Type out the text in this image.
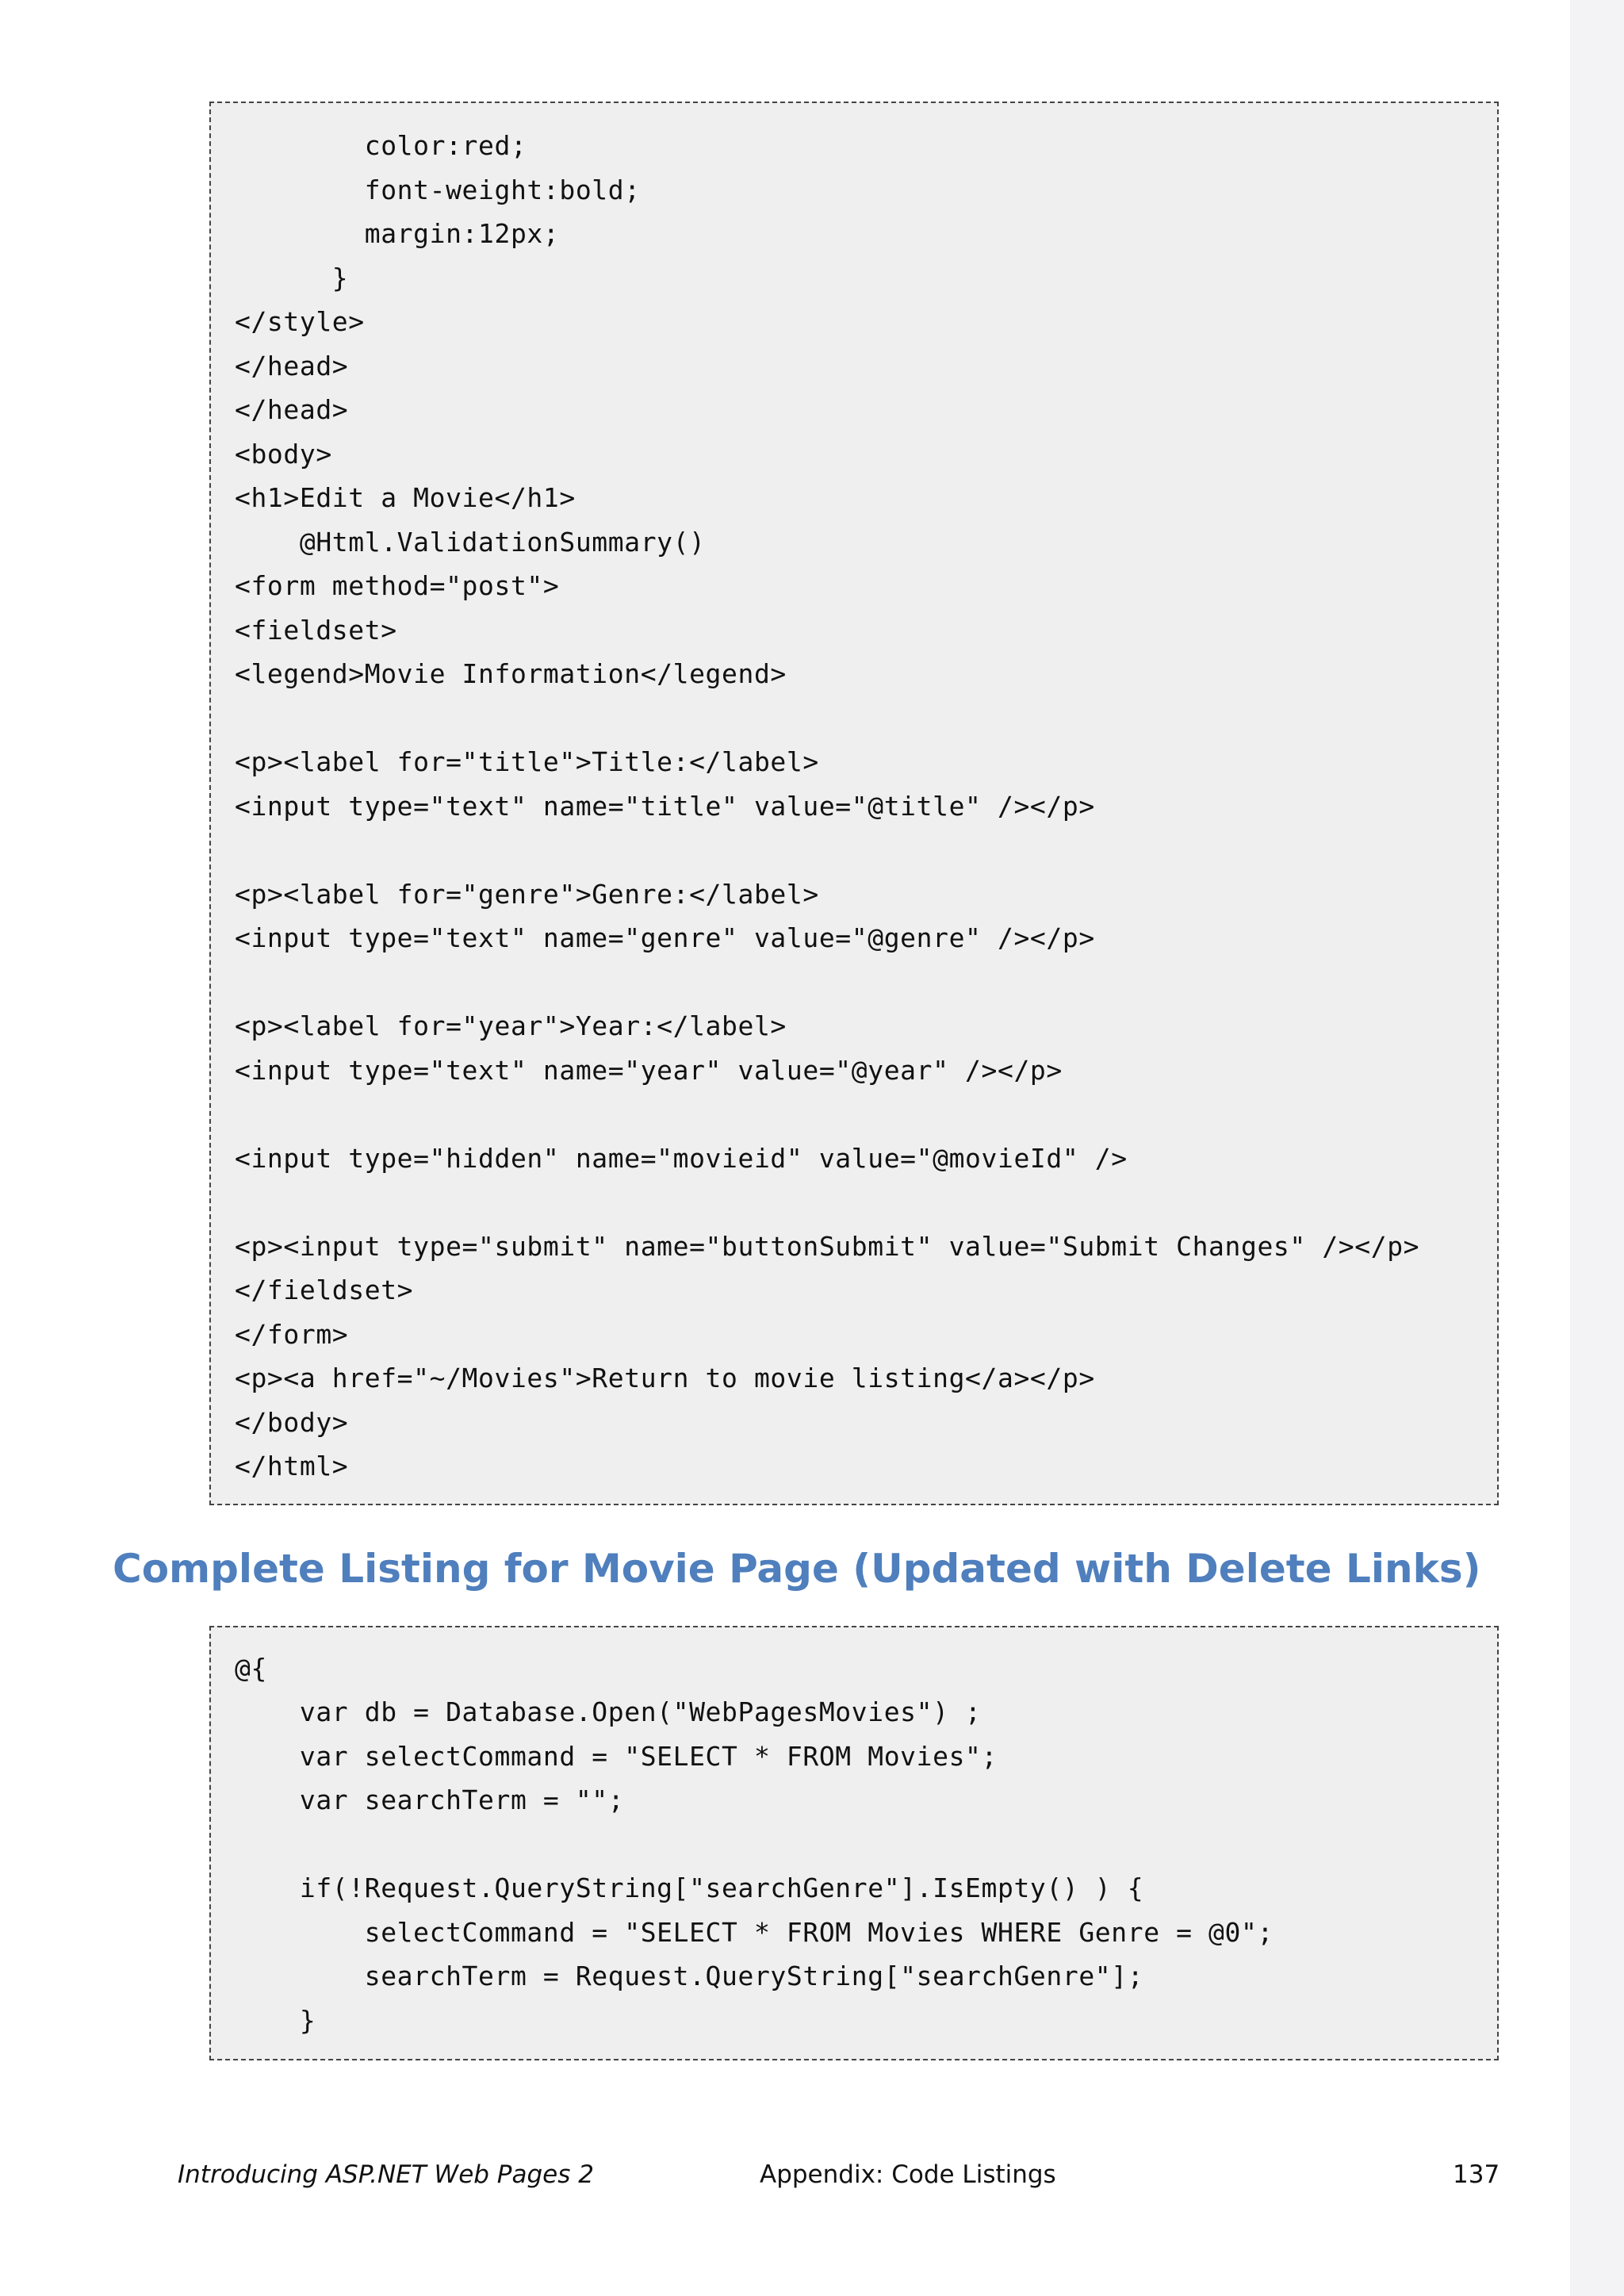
color:red;
font-weight:bold;
margin:12px;
}
</style>
</head>
</head>
<body>
<h1>Edit a Movie</h1>
@Html.ValidationSummary()
<form method="post">
<fieldset>
<legend>Movie Information</legend>
<p><label for="title">Title:</label>
<input type="text" name="title" value="@title" /></p>
<p><label for="genre">Genre:</label>
<input type="text" name="genre" value="@genre" /></p>
<p><label for="year">Year:</label>
<input type="text" name="year" value="@year" /></p>
<input type="hidden" name="movieid" value="@movieId" />
<p><input type="submit" name="buttonSubmit" value="Submit Changes" /></p>
</fieldset>
</form>
<p><a href="~/Movies">Return to movie listing</a></p>
</body>
</html>
Complete Listing for Movie Page (Updated with Delete Links)
@{
var db = Database.Open("WebPagesMovies") ;
var selectCommand = "SELECT * FROM Movies";
var searchTerm = "";
if(!Request.QueryString["searchGenre"].IsEmpty() ) {
selectCommand = "SELECT * FROM Movies WHERE Genre = @0";
searchTerm = Request.QueryString["searchGenre"];
}
Introducing ASP.NET Web Pages 2	Appendix: Code Listings	137
